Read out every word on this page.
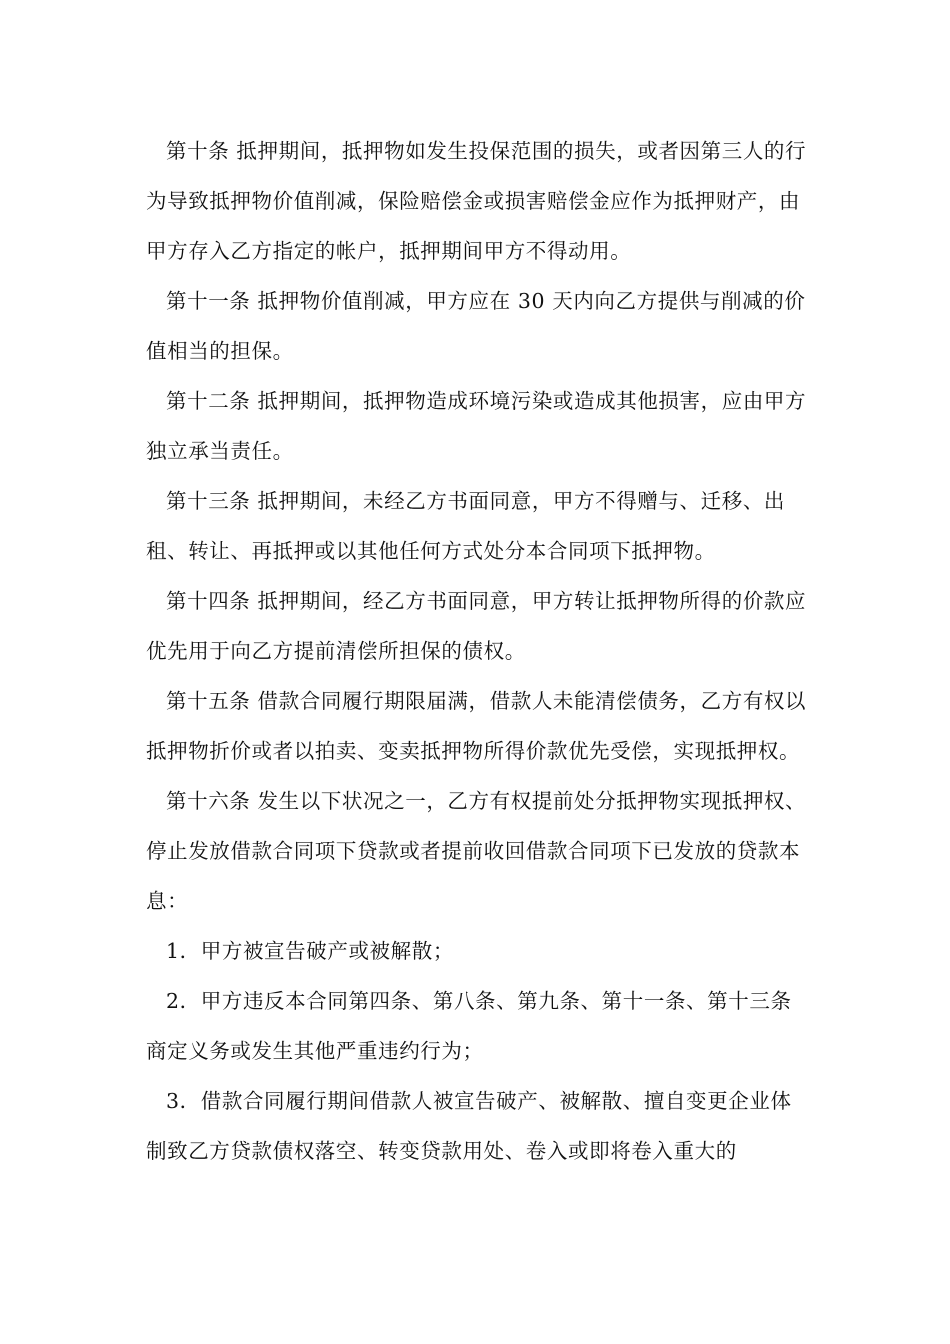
第十条 抵押期间，抵押物如发生投保范围的损失，或者因第三人的行为导致抵押物价值削减，保险赔偿金或损害赔偿金应作为抵押财产，由甲方存入乙方指定的帐户，抵押期间甲方不得动用。

第十一条 抵押物价值削减，甲方应在 30 天内向乙方提供与削减的价值相当的担保。

第十二条 抵押期间，抵押物造成环境污染或造成其他损害，应由甲方独立承当责任。

第十三条 抵押期间，未经乙方书面同意，甲方不得赠与、迁移、出租、转让、再抵押或以其他任何方式处分本合同项下抵押物。

第十四条 抵押期间，经乙方书面同意，甲方转让抵押物所得的价款应优先用于向乙方提前清偿所担保的债权。

第十五条 借款合同履行期限届满，借款人未能清偿债务，乙方有权以抵押物折价或者以拍卖、变卖抵押物所得价款优先受偿，实现抵押权。

第十六条 发生以下状况之一，乙方有权提前处分抵押物实现抵押权、停止发放借款合同项下贷款或者提前收回借款合同项下已发放的贷款本息：

1．甲方被宣告破产或被解散；

2．甲方违反本合同第四条、第八条、第九条、第十一条、第十三条商定义务或发生其他严重违约行为；

3．借款合同履行期间借款人被宣告破产、被解散、擅自变更企业体制致乙方贷款债权落空、转变贷款用处、卷入或即将卷入重大的
